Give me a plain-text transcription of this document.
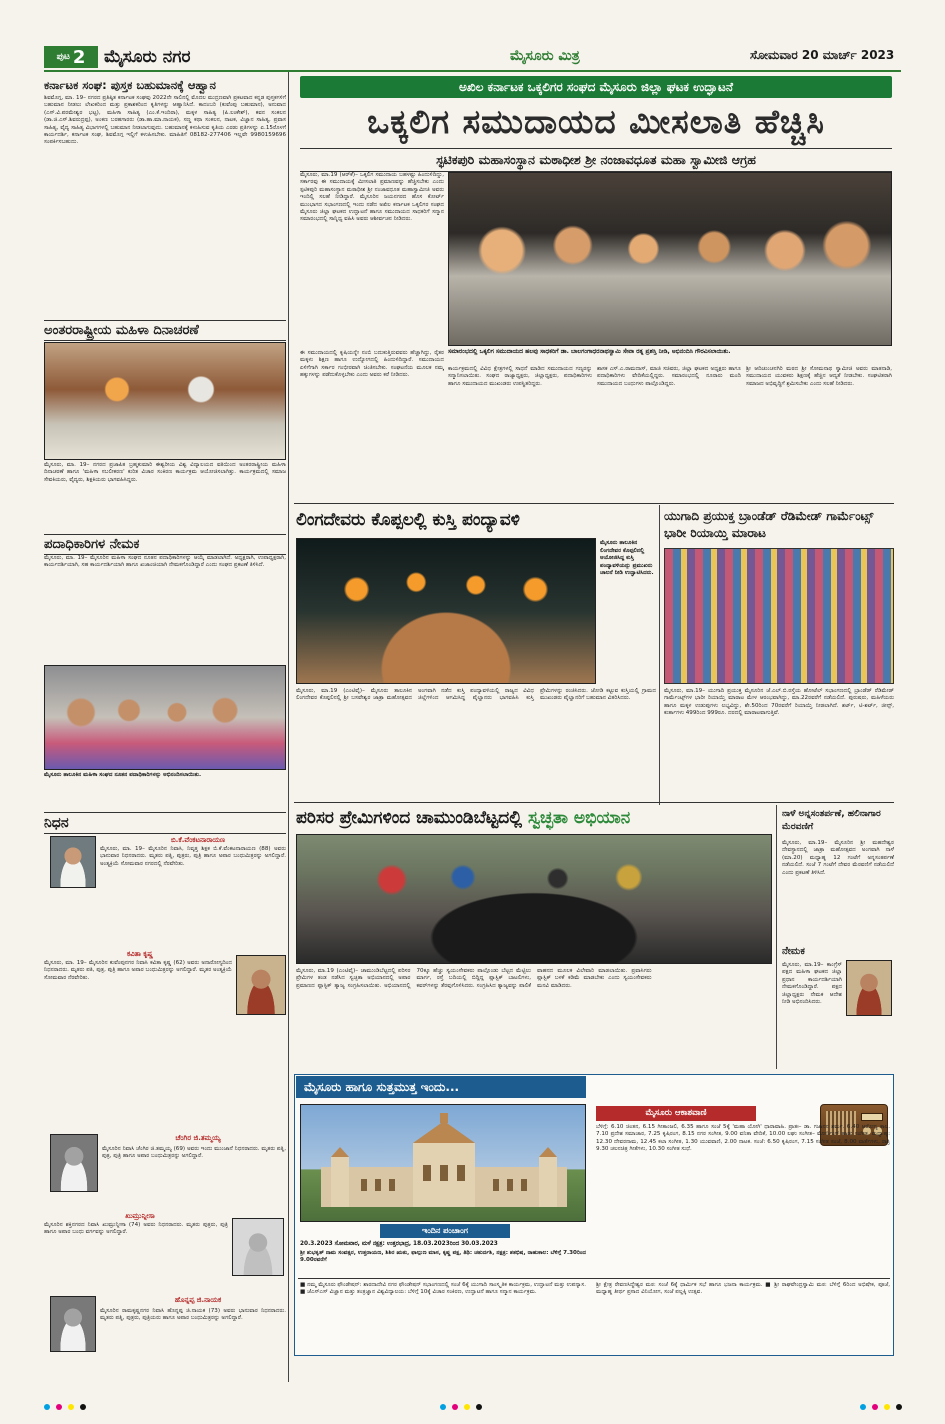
ಪುಟ 2 ಮೈಸೂರು ನಗರ	ಮೈಸೂರು ಮಿತ್ರ	ಸೋಮವಾರ 20 ಮಾರ್ಚ್ 2023
ಕರ್ನಾಟಕ ಸಂಘ: ಪುಸ್ತಕ ಬಹುಮಾನಕ್ಕೆ ಆಹ್ವಾನ
ಶಿವಮೊಗ್ಗ, ಮಾ. 19– ನಗರದ ಪ್ರತಿಷ್ಠಿತ ಕರ್ನಾಟಕ ಸಂಘವು 2022ನೇ ಸಾಲಿನಲ್ಲಿ ಮೊದಲ ಮುದ್ರಣವಾಗಿ ಪ್ರಕಟವಾದ ಕನ್ನಡ ಪುಸ್ತಕಗಳಿಗೆ ಬಹುಮಾನ ನೀಡಲು ಲೇಖಕರಿಂದ ಮತ್ತು ಪ್ರಕಾಶಕರಿಂದ ಕೃತಿಗಳನ್ನು ಆಹ್ವಾನಿಸಿದೆ. ಕಾದಂಬರಿ (ಕುವೆಂಪು ಬಹುಮಾನ), ಅನುವಾದ (ಎಸ್.ವಿ.ಪರಮೇಶ್ವರ ಭಟ್ಟ), ಮಹಿಳಾ ಸಾಹಿತ್ಯ (ಎಂ.ಕೆ.ಇಂದಿರಾ), ಮಕ್ಕಳ ಸಾಹಿತ್ಯ (ಪಿ.ಲಂಕೇಶ್), ಕವನ ಸಂಕಲನ (ಡಾ.ಜಿ.ಎಸ್.ಶಿವರುದ್ರಪ್ಪ), ಅಂಕಣ ಬರಹಗಾರರು (ಡಾ.ಹಾ.ಮಾ.ನಾಯಕ), ಸಣ್ಣ ಕಥಾ ಸಂಕಲನ, ನಾಟಕ, ವಿಜ್ಞಾನ ಸಾಹಿತ್ಯ, ಪ್ರವಾಸ ಸಾಹಿತ್ಯ, ವೈದ್ಯ ಸಾಹಿತ್ಯ ವಿಭಾಗಗಳಲ್ಲಿ ಬಹುಮಾನ ನೀಡಲಾಗುವುದು. ಬಹುಮಾನಕ್ಕೆ ಕಳುಹಿಸುವ ಕೃತಿಯ ಎರಡು ಪ್ರತಿಗಳನ್ನು ಏ.15ರೊಳಗೆ ಕಾರ್ಯದರ್ಶಿ, ಕರ್ನಾಟಕ ಸಂಘ, ಶಿವಮೊಗ್ಗ ಇಲ್ಲಿಗೆ ಕಳುಹಿಸಬೇಕು. ಮಾಹಿತಿಗೆ 08182-277406 ಇಲ್ಲವೇ 9980159696 ಸಂಪರ್ಕಿಸಬಹುದು.
ಅಂತರರಾಷ್ಟ್ರೀಯ ಮಹಿಳಾ ದಿನಾಚರಣೆ
ಮೈಸೂರು, ಮಾ. 19– ನಗರದ ಪ್ರಜಾಪಿತ ಬ್ರಹ್ಮಕುಮಾರಿ ಈಶ್ವರೀಯ ವಿಶ್ವ ವಿದ್ಯಾಲಯದ ವತಿಯಿಂದ ಅಂತರರಾಷ್ಟ್ರೀಯ ಮಹಿಳಾ ದಿನಾಚರಣೆ ಹಾಗೂ 'ಮಹಿಳಾ ಸಬಲೀಕರಣ' ಕುರಿತ ವಿಚಾರ ಸಂಕಿರಣ ಕಾರ್ಯಕ್ರಮ ಆಯೋಜಿಸಲಾಗಿತ್ತು. ಕಾರ್ಯಕ್ರಮದಲ್ಲಿ ಸಮಾಜ ಸೇವಕಿಯರು, ವೈದ್ಯರು, ಶಿಕ್ಷಕಿಯರು ಭಾಗವಹಿಸಿದ್ದರು.
ಪದಾಧಿಕಾರಿಗಳ ನೇಮಕ
ಮೈಸೂರು, ಮಾ. 19– ಮೈಸೂರಿನ ಮಹಿಳಾ ಸಂಘದ ನೂತನ ಪದಾಧಿಕಾರಿಗಳನ್ನು ಆಯ್ಕೆ ಮಾಡಲಾಗಿದೆ. ಅಧ್ಯಕ್ಷರಾಗಿ, ಉಪಾಧ್ಯಕ್ಷರಾಗಿ, ಕಾರ್ಯದರ್ಶಿಯಾಗಿ, ಸಹ ಕಾರ್ಯದರ್ಶಿಯಾಗಿ ಹಾಗೂ ಖಜಾಂಚಿಯಾಗಿ ನೇಮಕಗೊಂಡಿದ್ದಾರೆ ಎಂದು ಸಂಘದ ಪ್ರಕಟಣೆ ತಿಳಿಸಿದೆ.
ಮೈಸೂರು ತಾಲೂಕಿನ ಮಹಿಳಾ ಸಂಘದ ನೂತನ ಪದಾಧಿಕಾರಿಗಳನ್ನು ಅಭಿನಂದಿಸಲಾಯಿತು.
ನಿಧನ
ಬಿ.ಕೆ.ವೆಂಕಟನಾರಾಯಣ
ಮೈಸೂರು, ಮಾ. 19– ಮೈಸೂರಿನ ನಿವಾಸಿ, ನಿವೃತ್ತ ಶಿಕ್ಷಕ ಬಿ.ಕೆ.ವೆಂಕಟನಾರಾಯಣ (88) ಅವರು ಭಾನುವಾರ ನಿಧನರಾದರು. ಮೃತರು ಪತ್ನಿ, ಪುತ್ರರು, ಪುತ್ರಿ ಹಾಗೂ ಅಪಾರ ಬಂಧುಮಿತ್ರರನ್ನು ಅಗಲಿದ್ದಾರೆ. ಅಂತ್ಯಕ್ರಿಯೆ ಸೋಮವಾರ ನಗರದಲ್ಲಿ ನೆರವೇರಿತು.
ಕವಿತಾ ಕೃಷ್ಣ
ಮೈಸೂರು, ಮಾ. 19– ಮೈಸೂರಿನ ಕುವೆಂಪುನಗರ ನಿವಾಸಿ ಕವಿತಾ ಕೃಷ್ಣ (62) ಅವರು ಅನಾರೋಗ್ಯದಿಂದ ನಿಧನರಾದರು. ಮೃತರು ಪತಿ, ಪುತ್ರ, ಪುತ್ರಿ ಹಾಗೂ ಅಪಾರ ಬಂಧುಮಿತ್ರರನ್ನು ಅಗಲಿದ್ದಾರೆ. ಮೃತರ ಅಂತ್ಯಕ್ರಿಯೆ ಸೋಮವಾರ ನೆರವೇರಿತು.
ಚೆಂಗಿರ ಜಿ.ತಮ್ಮಯ್ಯ
ಮೈಸೂರಿನ ನಿವಾಸಿ ಚೆಂಗಿರ ಜಿ.ತಮ್ಮಯ್ಯ (69) ಅವರು ಇಂದು ಮುಂಜಾನೆ ನಿಧನರಾದರು. ಮೃತರು ಪತ್ನಿ, ಪುತ್ರ, ಪುತ್ರಿ ಹಾಗೂ ಅಪಾರ ಬಂಧುಮಿತ್ರರನ್ನು ಅಗಲಿದ್ದಾರೆ.
ಖುಮ್ರುನ್ನೀಸಾ
ಮೈಸೂರಿನ ಶಕ್ತಿನಗರದ ನಿವಾಸಿ ಖುಮ್ರುನ್ನೀಸಾ (74) ಅವರು ನಿಧನರಾದರು. ಮೃತರು ಪುತ್ರರು, ಪುತ್ರಿ ಹಾಗೂ ಅಪಾರ ಬಂಧು ವರ್ಗವನ್ನು ಅಗಲಿದ್ದಾರೆ.
ಹೊನ್ನಪ್ಪ ಜಿ.ನಾಯಕ
ಮೈಸೂರಿನ ರಾಮಕೃಷ್ಣನಗರ ನಿವಾಸಿ ಹೊನ್ನಪ್ಪ ಜಿ.ನಾಯಕ (73) ಅವರು ಭಾನುವಾರ ನಿಧನರಾದರು. ಮೃತರು ಪತ್ನಿ, ಪುತ್ರರು, ಪುತ್ರಿಯರು ಹಾಗೂ ಅಪಾರ ಬಂಧುಮಿತ್ರರನ್ನು ಅಗಲಿದ್ದಾರೆ.
ಅಖಿಲ ಕರ್ನಾಟಕ ಒಕ್ಕಲಿಗರ ಸಂಘದ ಮೈಸೂರು ಜಿಲ್ಲಾ ಘಟಕ ಉದ್ಘಾಟನೆ
ಒಕ್ಕಲಿಗ ಸಮುದಾಯದ ಮೀಸಲಾತಿ ಹೆಚ್ಚಿಸಿ
ಸ್ಫಟಿಕಪುರಿ ಮಹಾಸಂಸ್ಥಾನ ಮಠಾಧೀಶ ಶ್ರೀ ನಂಜಾವಧೂತ ಮಹಾ ಸ್ವಾಮೀಜಿ ಆಗ್ರಹ
ಮೈಸೂರು, ಮಾ.19 (ಆರ್‌ಕೆ)– ಒಕ್ಕಲಿಗ ಸಮುದಾಯ ಬಹಳಷ್ಟು ಹಿಂದುಳಿದಿದ್ದು, ಸರ್ಕಾರವು ಈ ಸಮುದಾಯಕ್ಕೆ ಮೀಸಲಾತಿ ಪ್ರಮಾಣವನ್ನು ಹೆಚ್ಚಿಸಬೇಕು ಎಂದು ಸ್ಫಟಿಕಪುರಿ ಮಹಾಸಂಸ್ಥಾನ ಮಠಾಧೀಶ ಶ್ರೀ ನಂಜಾವಧೂತ ಮಹಾಸ್ವಾಮೀಜಿ ಅವರು ಇಂದಿಲ್ಲಿ ಸಲಹೆ ನೀಡಿದ್ದಾರೆ. ಮೈಸೂರಿನ ಜಯನಗರದ ಹೊಸ ಕೋರ್ಟ್ ಮುಂಭಾಗದ ಸಭಾಂಗಣದಲ್ಲಿ ಇಂದು ನಡೆದ ಅಖಿಲ ಕರ್ನಾಟಕ ಒಕ್ಕಲಿಗರ ಸಂಘದ ಮೈಸೂರು ಜಿಲ್ಲಾ ಘಟಕದ ಉದ್ಘಾಟನೆ ಹಾಗೂ ಸಮುದಾಯದ ಸಾಧಕರಿಗೆ ಸನ್ಮಾನ ಸಮಾರಂಭದಲ್ಲಿ ಸಾನ್ನಿಧ್ಯ ವಹಿಸಿ ಅವರು ಆಶೀರ್ವಚನ ನೀಡಿದರು.
ಸಮಾರಂಭದಲ್ಲಿ ಒಕ್ಕಲಿಗ ಸಮುದಾಯದ ಹಲವು ಸಾಧಕರಿಗೆ ಡಾ. ಬಾಲಗಂಗಾಧರನಾಥಸ್ವಾಮಿ ಸೇವಾ ರತ್ನ ಪ್ರಶಸ್ತಿ ನೀಡಿ, ಅಭಿನಂದಿಸಿ ಗೌರವಿಸಲಾಯಿತು.
ಈ ಸಮುದಾಯದಲ್ಲಿ ಕೃಷಿಯನ್ನೇ ನಂಬಿ ಬದುಕುತ್ತಿರುವವರು ಹೆಚ್ಚಾಗಿದ್ದು, ರೈತರ ಮಕ್ಕಳು ಶಿಕ್ಷಣ ಹಾಗೂ ಉದ್ಯೋಗದಲ್ಲಿ ಹಿಂದುಳಿದಿದ್ದಾರೆ. ಸಮುದಾಯದ ಏಳಿಗೆಗಾಗಿ ಸರ್ಕಾರ ಗಂಭೀರವಾಗಿ ಚಿಂತಿಸಬೇಕು. ಸಂಘಟನೆಯ ಮೂಲಕ ನಮ್ಮ ಹಕ್ಕುಗಳನ್ನು ಪಡೆದುಕೊಳ್ಳಬೇಕು ಎಂದು ಅವರು ಕರೆ ನೀಡಿದರು.
ಕಾರ್ಯಕ್ರಮದಲ್ಲಿ ವಿವಿಧ ಕ್ಷೇತ್ರಗಳಲ್ಲಿ ಸಾಧನೆ ಮಾಡಿದ ಸಮುದಾಯದ ಗಣ್ಯರನ್ನು ಸನ್ಮಾನಿಸಲಾಯಿತು. ಸಂಘದ ರಾಜ್ಯಾಧ್ಯಕ್ಷರು, ಜಿಲ್ಲಾಧ್ಯಕ್ಷರು, ಪದಾಧಿಕಾರಿಗಳು ಹಾಗೂ ಸಮುದಾಯದ ಮುಖಂಡರು ಉಪಸ್ಥಿತರಿದ್ದರು.
ಶಾಸಕ ಎಸ್.ಎ.ರಾಮದಾಸ್, ಮಾಜಿ ಸಚಿವರು, ಜಿಲ್ಲಾ ಘಟಕದ ಅಧ್ಯಕ್ಷರು ಹಾಗೂ ಪದಾಧಿಕಾರಿಗಳು ವೇದಿಕೆಯಲ್ಲಿದ್ದರು. ಸಮಾರಂಭದಲ್ಲಿ ನೂರಾರು ಮಂದಿ ಸಮುದಾಯದ ಬಂಧುಗಳು ಪಾಲ್ಗೊಂಡಿದ್ದರು.
ಶ್ರೀ ಆದಿಚುಂಚನಗಿರಿ ಮಠದ ಶ್ರೀ ಸೋಮನಾಥ ಸ್ವಾಮೀಜಿ ಅವರು ಮಾತನಾಡಿ, ಸಮುದಾಯದ ಯುವಕರು ಶಿಕ್ಷಣಕ್ಕೆ ಹೆಚ್ಚಿನ ಆದ್ಯತೆ ನೀಡಬೇಕು. ಸಂಘಟಿತರಾಗಿ ಸಮಾಜದ ಅಭಿವೃದ್ಧಿಗೆ ಶ್ರಮಿಸಬೇಕು ಎಂದು ಸಲಹೆ ನೀಡಿದರು.
ಲಿಂಗದೇವರು ಕೊಪ್ಪಲಲ್ಲಿ ಕುಸ್ತಿ ಪಂದ್ಯಾವಳಿ
ಮೈಸೂರು ತಾಲೂಕಿನ ಲಿಂಗದೇವರ ಕೊಪ್ಪಲಿನಲ್ಲಿ ಆಯೋಜಿಸಿದ್ದ ಕುಸ್ತಿ ಪಂದ್ಯಾವಳಿಯನ್ನು ಪ್ರಮುಖರು ಚಾಲನೆ ನೀಡಿ ಉದ್ಘಾಟಿಸಿದರು.
ಮೈಸೂರು, ಮಾ.19 (ಎಂಟಿವೈ)– ಮೈಸೂರು ತಾಲೂಕಿನ ಲಿಂಗದೇವರ ಕೊಪ್ಪಲಿನಲ್ಲಿ ಶ್ರೀ ಬಸವೇಶ್ವರ ಜಾತ್ರಾ ಮಹೋತ್ಸವದ ಅಂಗವಾಗಿ ನಡೆದ ಕುಸ್ತಿ ಪಂದ್ಯಾವಳಿಯಲ್ಲಿ ರಾಜ್ಯದ ವಿವಿಧ ಜಿಲ್ಲೆಗಳಿಂದ ಆಗಮಿಸಿದ್ದ ಪೈಲ್ವಾನರು ಭಾಗವಹಿಸಿ ಕುಸ್ತಿ ಪ್ರೇಮಿಗಳನ್ನು ರಂಜಿಸಿದರು. ಜೋಡಿ ಕಟ್ಟುವ ಕುಸ್ತಿಯಲ್ಲಿ ಗ್ರಾಮದ ಮುಖಂಡರು ಪೈಲ್ವಾನರಿಗೆ ಬಹುಮಾನ ವಿತರಿಸಿದರು.
ಯುಗಾದಿ ಪ್ರಯುಕ್ತ ಬ್ರಾಂಡೆಡ್ ರೆಡಿಮೇಡ್ ಗಾರ್ಮೆಂಟ್ಸ್ ಭಾರೀ ರಿಯಾಯ್ತಿ ಮಾರಾಟ
ಮೈಸೂರು, ಮಾ.19– ಯುಗಾದಿ ಪ್ರಯುಕ್ತ ಮೈಸೂರಿನ ಜೆ.ಎಲ್.ಬಿ.ರಸ್ತೆಯ ಹೋಟೆಲ್ ಸಭಾಂಗಣದಲ್ಲಿ ಬ್ರಾಂಡೆಡ್ ರೆಡಿಮೇಡ್ ಗಾರ್ಮೆಂಟ್ಸ್‌ಗಳ ಭಾರೀ ರಿಯಾಯ್ತಿ ಮಾರಾಟ ಮೇಳ ಆರಂಭವಾಗಿದ್ದು, ಮಾ.22ರವರೆಗೆ ನಡೆಯಲಿದೆ. ಪುರುಷರು, ಮಹಿಳೆಯರು ಹಾಗೂ ಮಕ್ಕಳ ಉಡುಪುಗಳು ಲಭ್ಯವಿದ್ದು, ಶೇ.50ರಿಂದ 70ರವರೆಗೆ ರಿಯಾಯ್ತಿ ನೀಡಲಾಗಿದೆ. ಶರ್ಟ್, ಟಿ-ಶರ್ಟ್, ಜೀನ್ಸ್, ಕುರ್ತಾಗಳು 499ರಿಂದ 999ರೂ. ದರದಲ್ಲಿ ಮಾರಾಟವಾಗುತ್ತಿವೆ.
ಪರಿಸರ ಪ್ರೇಮಿಗಳಿಂದ ಚಾಮುಂಡಿಬೆಟ್ಟದಲ್ಲಿ ಸ್ವಚ್ಛತಾ ಅಭಿಯಾನ
ಮೈಸೂರು, ಮಾ.19 (ಎಂಟಿವೈ)– ಚಾಮುಂಡಿಬೆಟ್ಟದಲ್ಲಿ ಪರಿಸರ ಪ್ರೇಮಿಗಳ ತಂಡ ನಡೆಸಿದ ಸ್ವಚ್ಛತಾ ಅಭಿಯಾನದಲ್ಲಿ ಅಪಾರ ಪ್ರಮಾಣದ ಪ್ಲಾಸ್ಟಿಕ್ ತ್ಯಾಜ್ಯ ಸಂಗ್ರಹಿಸಲಾಯಿತು. ಅಭಿಯಾನದಲ್ಲಿ 70ಕ್ಕೂ ಹೆಚ್ಚು ಸ್ವಯಂಸೇವಕರು ಪಾಲ್ಗೊಂಡು ಬೆಟ್ಟದ ಮೆಟ್ಟಿಲು ಮಾರ್ಗ, ರಸ್ತೆ ಬದಿಯಲ್ಲಿ ಬಿದ್ದಿದ್ದ ಪ್ಲಾಸ್ಟಿಕ್ ಬಾಟಲಿಗಳು, ಕವರ್‌ಗಳನ್ನು ತೆರವುಗೊಳಿಸಿದರು. ಸಂಗ್ರಹಿಸಿದ ತ್ಯಾಜ್ಯವನ್ನು ಪಾಲಿಕೆ ವಾಹನದ ಮೂಲಕ ವಿಲೇವಾರಿ ಮಾಡಲಾಯಿತು. ಪ್ರವಾಸಿಗರು ಪ್ಲಾಸ್ಟಿಕ್ ಬಳಕೆ ಕಡಿಮೆ ಮಾಡಬೇಕು ಎಂದು ಸ್ವಯಂಸೇವಕರು ಮನವಿ ಮಾಡಿದರು.
ನಾಳೆ ಅನ್ನಸಂತರ್ಪಣೆ, ಹಲಿನಾಗಾರ ಮೆರವಣಿಗೆ
ಮೈಸೂರು, ಮಾ.19– ಮೈಸೂರಿನ ಶ್ರೀ ಮಹದೇಶ್ವರ ದೇವಸ್ಥಾನದಲ್ಲಿ ಜಾತ್ರಾ ಮಹೋತ್ಸವದ ಅಂಗವಾಗಿ ನಾಳೆ (ಮಾ.20) ಮಧ್ಯಾಹ್ನ 12 ಗಂಟೆಗೆ ಅನ್ನಸಂತರ್ಪಣೆ ನಡೆಯಲಿದೆ. ಸಂಜೆ 7 ಗಂಟೆಗೆ ದೇವರ ಮೆರವಣಿಗೆ ನಡೆಯಲಿದೆ ಎಂದು ಪ್ರಕಟಣೆ ತಿಳಿಸಿದೆ.
ನೇಮಕ
ಮೈಸೂರು, ಮಾ.19– ಕಾಂಗ್ರೆಸ್ ಪಕ್ಷದ ಮಹಿಳಾ ಘಟಕದ ಜಿಲ್ಲಾ ಪ್ರಧಾನ ಕಾರ್ಯದರ್ಶಿಯಾಗಿ ನೇಮಕಗೊಂಡಿದ್ದಾರೆ. ಪಕ್ಷದ ಜಿಲ್ಲಾಧ್ಯಕ್ಷರು ನೇಮಕ ಆದೇಶ ನೀಡಿ ಅಭಿನಂದಿಸಿದರು.
ಮೈಸೂರು ಹಾಗೂ ಸುತ್ತಮುತ್ತ ಇಂದು...
ಇಂದಿನ ಪಂಚಾಂಗ
20.3.2023 ಸೋಮವಾರ, ಮಳೆ ನಕ್ಷತ್ರ: ಉತ್ತರಭಾದ್ರ, 18.03.2023ರಿಂದ 30.03.2023
ಶ್ರೀ ಶುಭಕೃತ್ ನಾಮ ಸಂವತ್ಸರ, ಉತ್ತರಾಯಣ, ಶಿಶಿರ ಋತು, ಫಾಲ್ಗುಣ ಮಾಸ, ಕೃಷ್ಣ ಪಕ್ಷ, ತಿಥಿ: ಚತುರ್ದಶಿ, ನಕ್ಷತ್ರ: ಶತಭಿಷ, ರಾಹುಕಾಲ: ಬೆಳಿಗ್ಗೆ 7.30ರಿಂದ 9.00ರವರೆಗೆ
ಮೈಸೂರು ಆಕಾಶವಾಣಿ
ಬೆಳಿಗ್ಗೆ: 6.10 ಚಿಂತನ, 6.15 ಗೀತಾಂಜಲಿ, 6.35 ಹಾಗೂ ಸಂಜೆ 5ಕ್ಕೆ 'ಮಹಾ ಯೋಗಿ' ಧಾರಾವಾಹಿ. ಪ್ರಾತಃ– ಡಾ. ಗಜಾನನ ಶರ್ಮ. 6.40 ಆರೋಗ್ಯ ಕಾಲ. 7.10 ಪ್ರದೇಶ ಸಮಾಚಾರ, 7.25 ಕೃಷಿರಂಗ, 8.15 ನಗರ ಸಂಗೀತ, 9.00 ವನಿತಾ ವೇದಿಕೆ, 10.00 ಲಘು ಸಂಗೀತ– ಮೋರ್ನಿಂಗ್ ಹಾಡು ಸಂಗೀತ. ಮಧ್ಯಾಹ್ನ: 12.30 ದೇವರನಾಮ, 12.45 ಕಲಾ ಸಂಗೀತ, 1.30 ಯುವವಾಣಿ, 2.00 ನಾಟಕ. ಸಂಜೆ: 6.50 ಕೃಷಿರಂಗ, 7.15 ಸಂಗೀತ ಸಂಜೆ, 8.00 ವಾರ್ತೆಗಳು, ರಾತ್ರಿ 9.30 ಚಲನಚಿತ್ರ ಗೀತೆಗಳು, 10.30 ಸಂಗೀತ ಸುಧೆ.
■ ನಮ್ಮ ಮೈಸೂರು ಫೌಂಡೇಷನ್: ಶಾರದಾದೇವಿ ನಗರ ಫೌಂಡೇಷನ್ ಸಭಾಂಗಣದಲ್ಲಿ ಸಂಜೆ 6ಕ್ಕೆ ಯುಗಾದಿ ಸಾಂಸ್ಕೃತಿಕ ಕಾರ್ಯಕ್ರಮ, ಉದ್ಘಾಟನೆ ಮತ್ತು ಉಪನ್ಯಾಸ. ■ ಜೆಎಸ್‌ಎಸ್ ವಿಜ್ಞಾನ ಮತ್ತು ತಂತ್ರಜ್ಞಾನ ವಿಶ್ವವಿದ್ಯಾಲಯ: ಬೆಳಿಗ್ಗೆ 10ಕ್ಕೆ ವಿಚಾರ ಸಂಕಿರಣ, ಉದ್ಘಾಟನೆ ಹಾಗೂ ಸನ್ಮಾನ ಕಾರ್ಯಕ್ರಮ.
ಶ್ರೀ ಕ್ಷೇತ್ರ ರೇವಣಸಿದ್ಧೇಶ್ವರ ಮಠ: ಸಂಜೆ 6ಕ್ಕೆ ಧಾರ್ಮಿಕ ಸಭೆ ಹಾಗೂ ಭಜನಾ ಕಾರ್ಯಕ್ರಮ. ■ ಶ್ರೀ ರಾಘವೇಂದ್ರಸ್ವಾಮಿ ಮಠ: ಬೆಳಿಗ್ಗೆ 6ರಿಂದ ಅಭಿಷೇಕ, ಪೂಜೆ, ಮಧ್ಯಾಹ್ನ ತೀರ್ಥ ಪ್ರಸಾದ ವಿನಿಯೋಗ, ಸಂಜೆ ಪಲ್ಲಕ್ಕಿ ಉತ್ಸವ.
